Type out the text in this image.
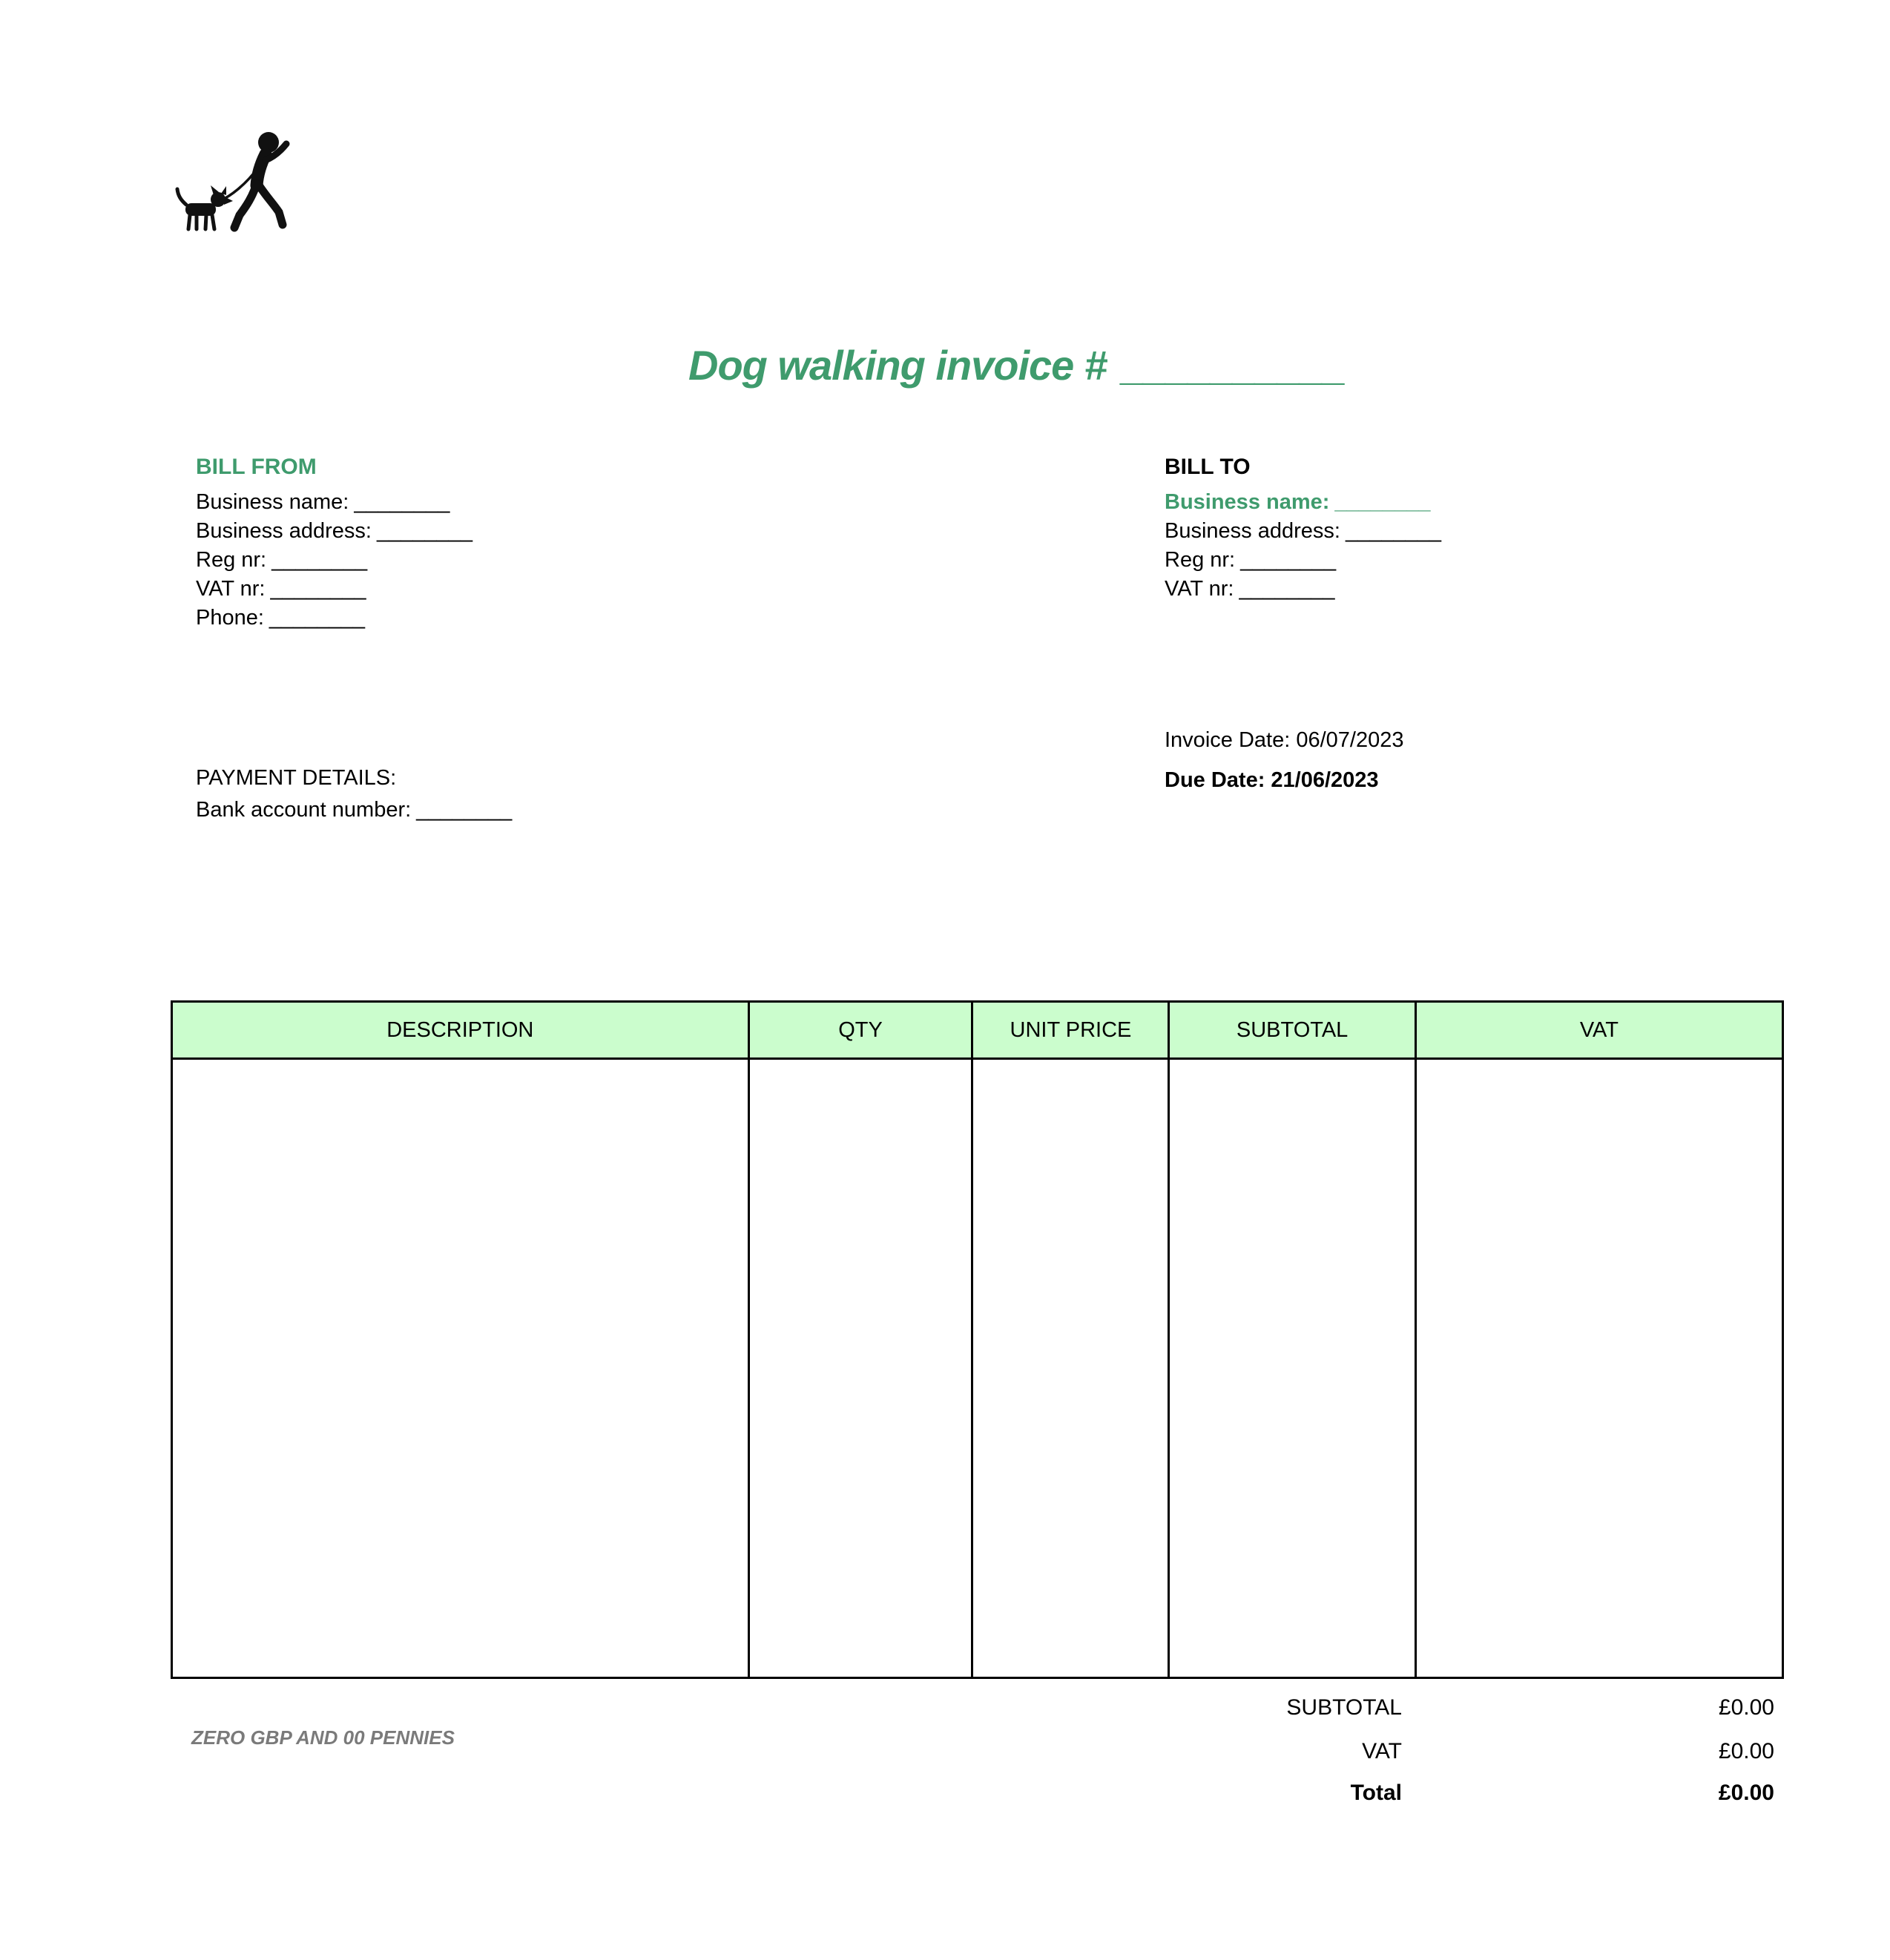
Dog walking invoice # __________
BILL FROM
Business name: ________
Business address: ________
Reg nr: ________
VAT nr: ________
Phone: ________
BILL TO
Business name: ________
Business address: ________
Reg nr: ________
VAT nr: ________
Invoice Date: 06/07/2023
Due Date: 21/06/2023
PAYMENT DETAILS:
Bank account number: ________
DESCRIPTION	QTY	UNIT PRICE	SUBTOTAL	VAT

SUBTOTAL	£0.00
VAT	£0.00
Total	£0.00
ZERO GBP AND 00 PENNIES
